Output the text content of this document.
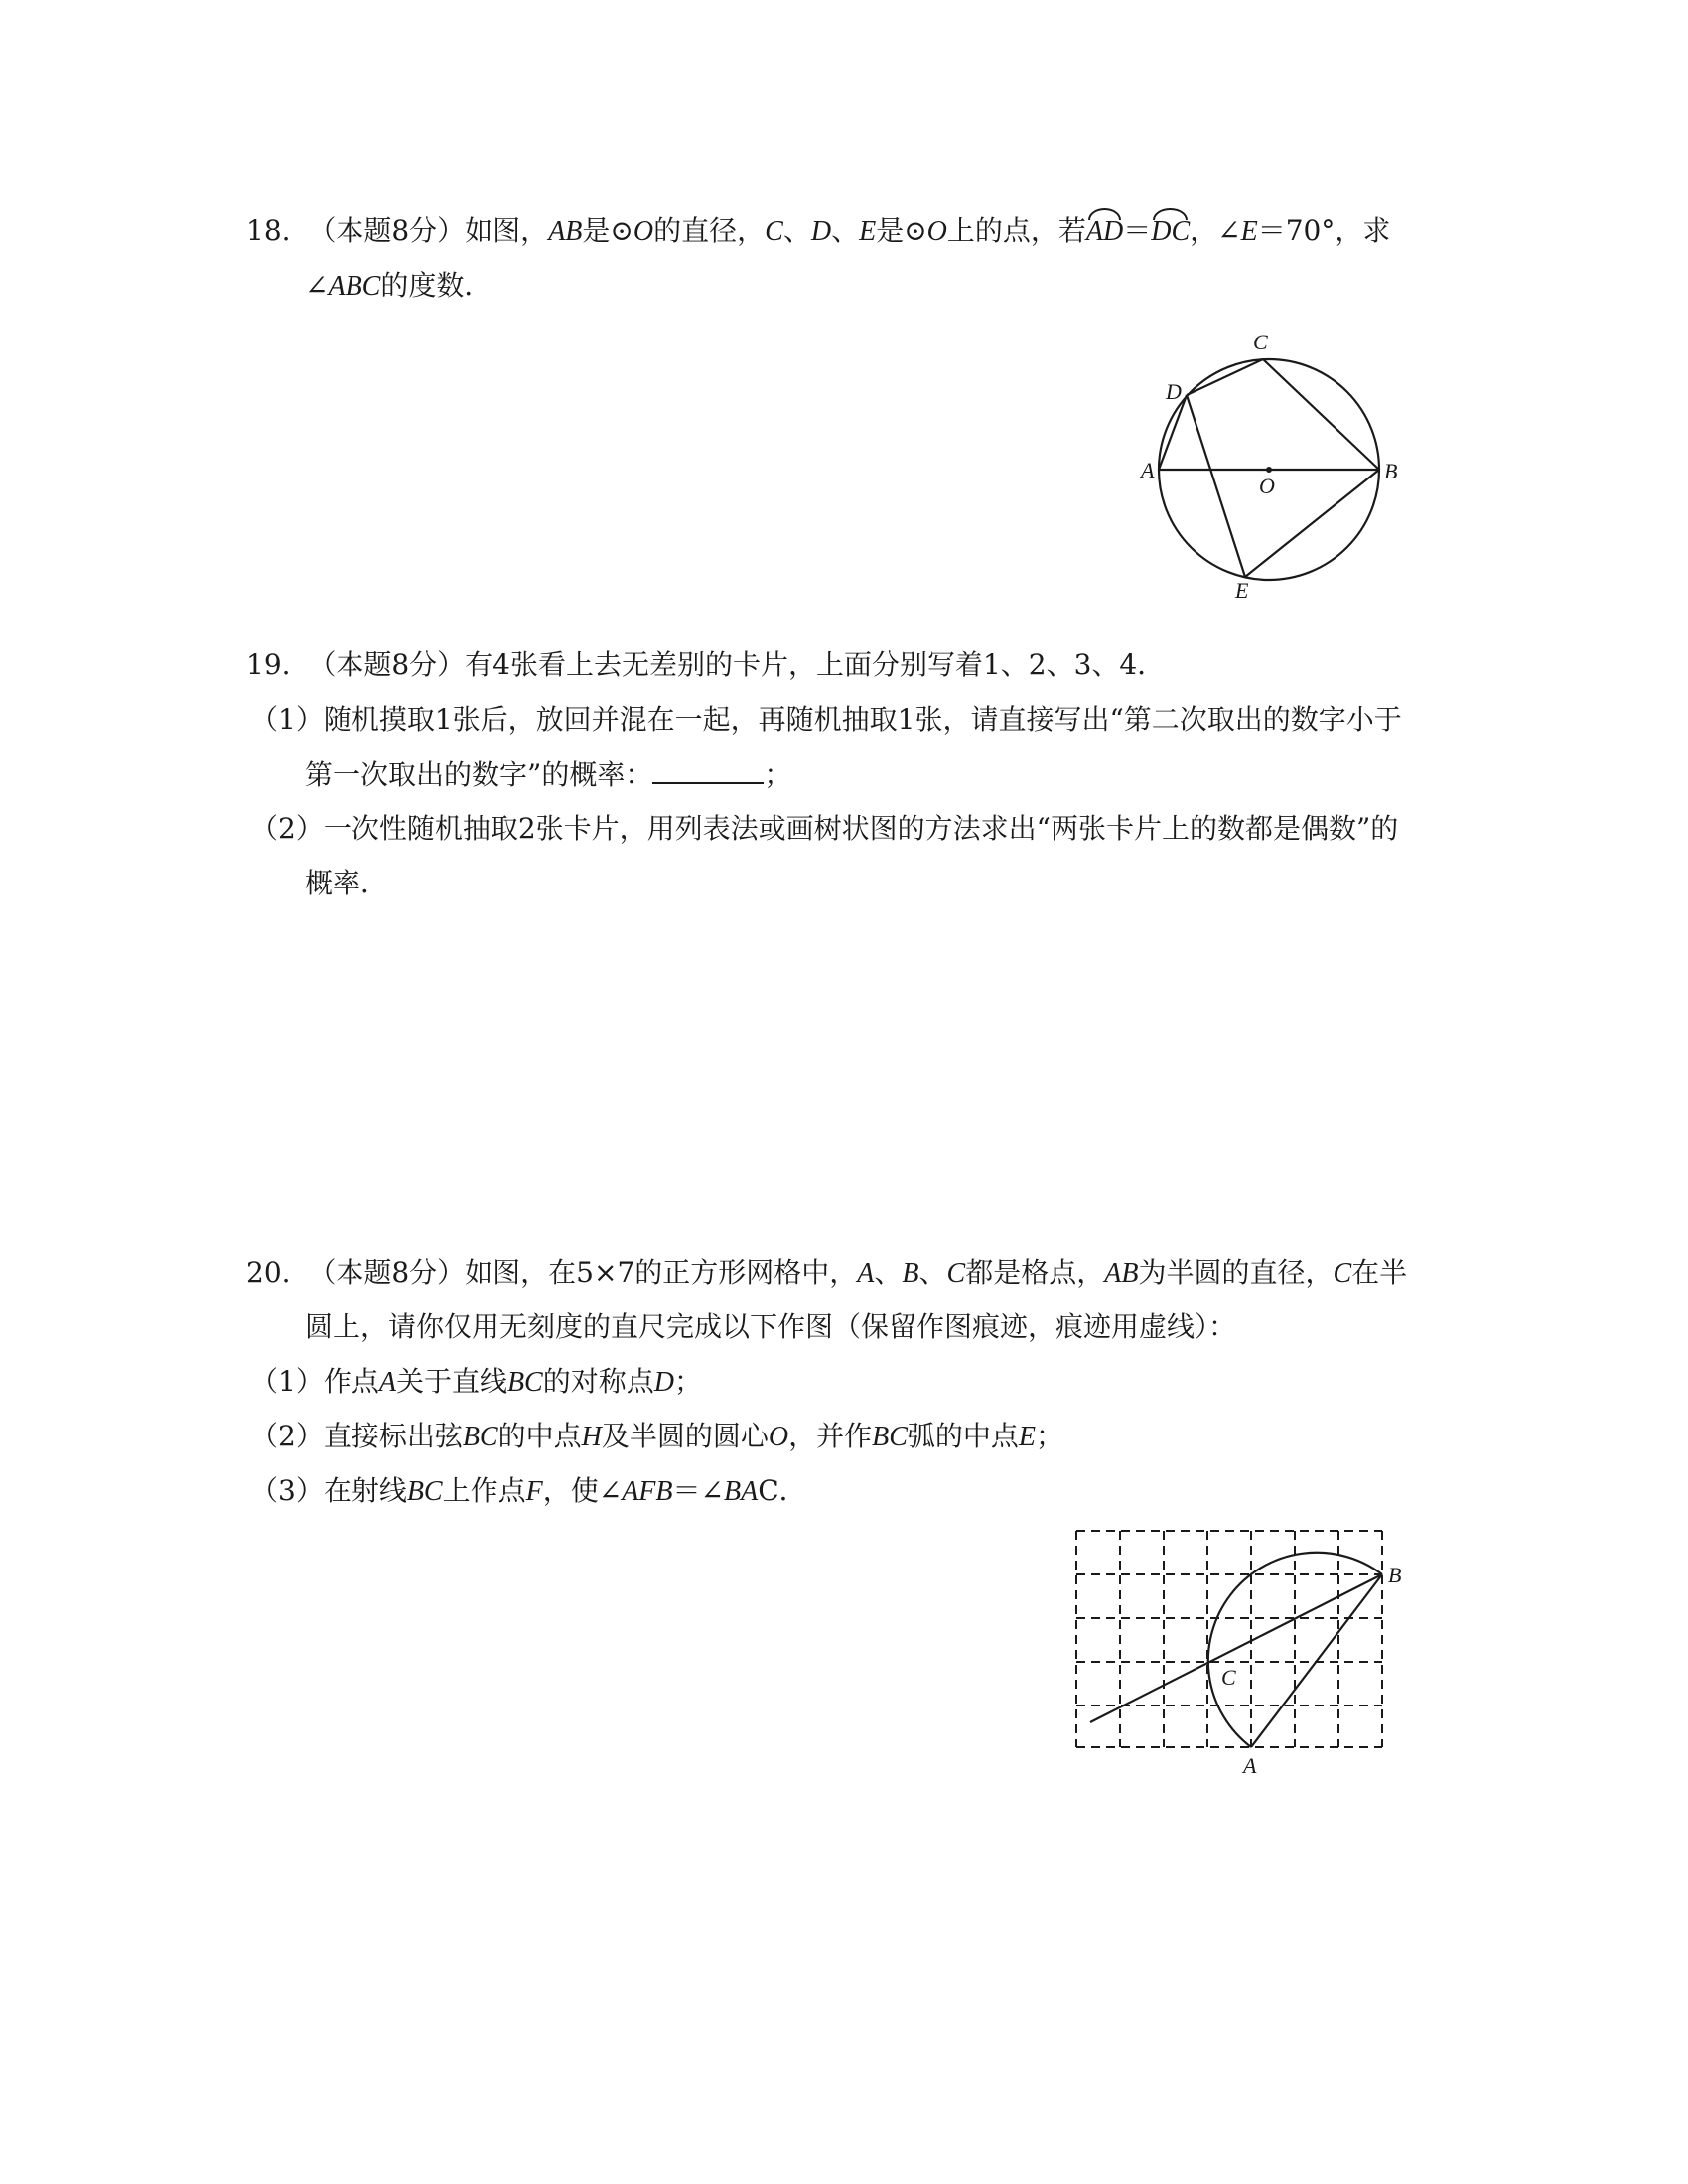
18. （本题8分）如图，AB是⊙O的直径，C、D、E是⊙O上的点，若AD＝DC，∠E＝70°，求
∠ABC的度数．
C
D
A
O
B
E
19. （本题8分）有4张看上去无差别的卡片，上面分别写着1、2、3、4．
（1）随机摸取1张后，放回并混在一起，再随机抽取1张，请直接写出“第二次取出的数字小于
第一次取出的数字”的概率：	；
（2）一次性随机抽取2张卡片，用列表法或画树状图的方法求出“两张卡片上的数都是偶数”的
概率．
20. （本题8分）如图，在5×7的正方形网格中，A、B、C都是格点，AB为半圆的直径，C在半
圆上，请你仅用无刻度的直尺完成以下作图（保留作图痕迹，痕迹用虚线）：
（1）作点A关于直线BC的对称点D；
（2）直接标出弦BC的中点H及半圆的圆心O，并作BC弧的中点E；
（3）在射线BC上作点F，使∠AFB＝∠BAC．
B
C
A
